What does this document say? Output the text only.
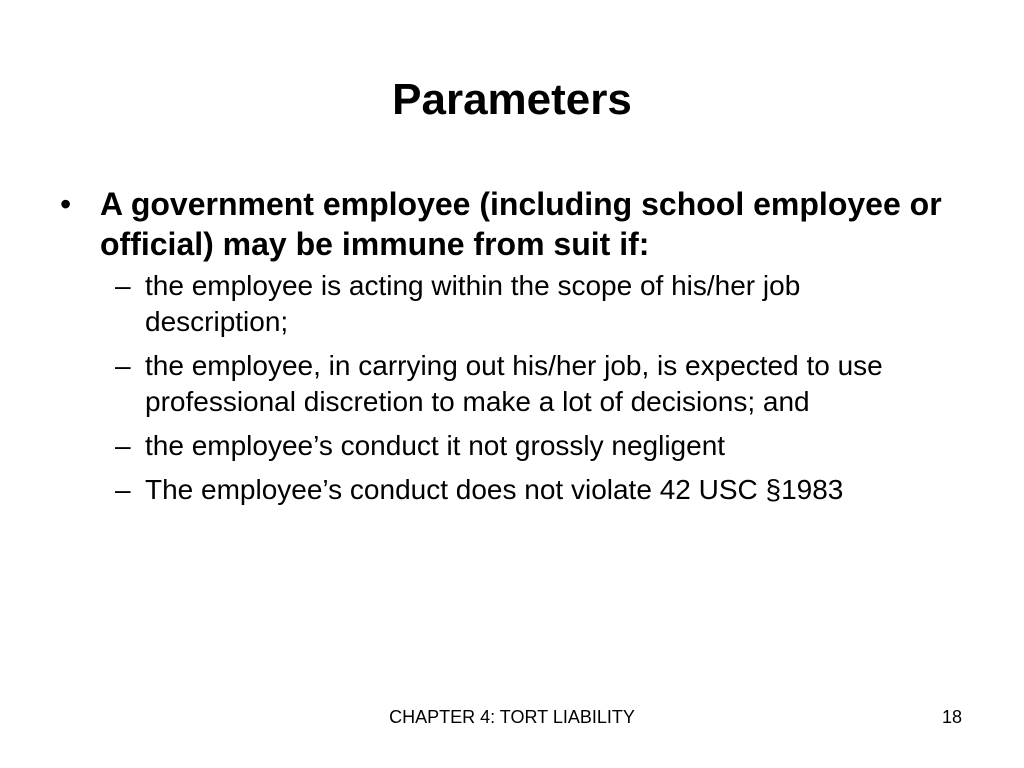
Parameters
• A government employee (including school employee or official) may be immune from suit if:
– the employee is acting within the scope of his/her job description;
– the employee, in carrying out his/her job, is expected to use professional discretion to make a lot of decisions; and
– the employee’s conduct it not grossly negligent
– The employee’s conduct does not violate 42 USC §1983
CHAPTER 4: TORT LIABILITY	18
